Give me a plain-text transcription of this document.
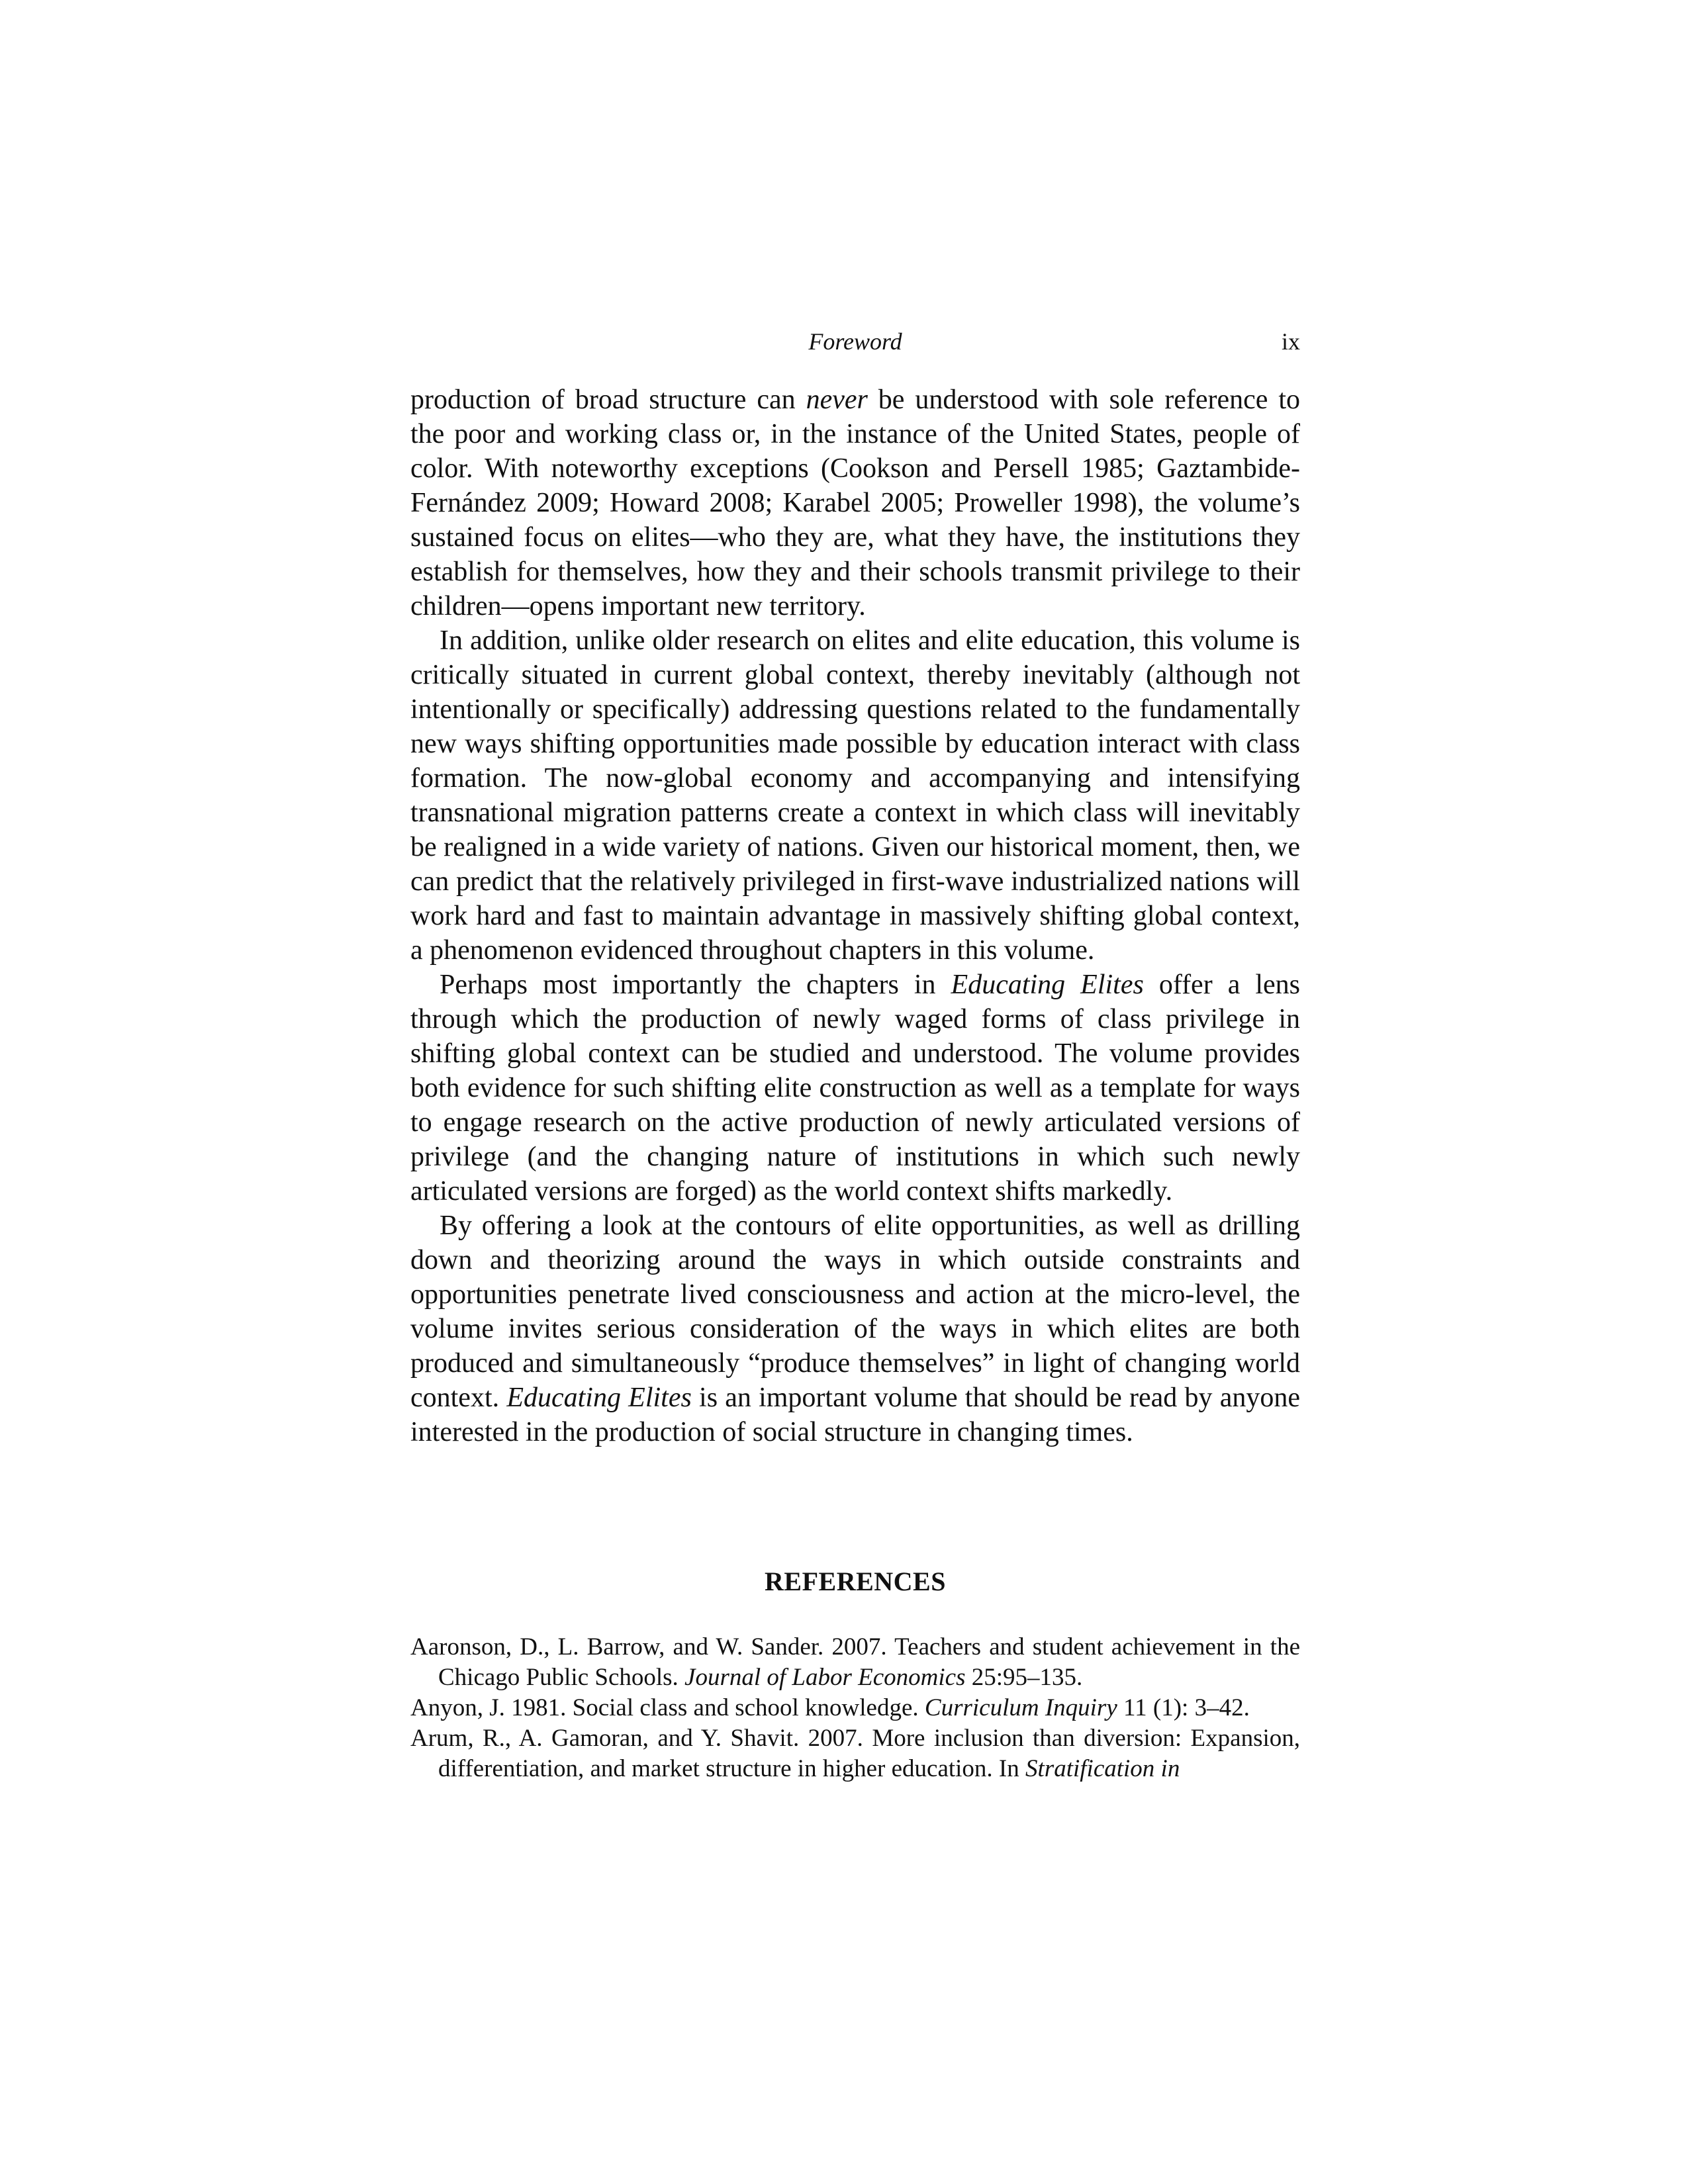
Foreword	ix

production of broad structure can never be understood with sole reference to the poor and working class or, in the instance of the United States, people of color. With noteworthy exceptions (Cookson and Persell 1985; Gaztambide-Fernández 2009; Howard 2008; Karabel 2005; Proweller 1998), the volume’s sustained focus on elites—who they are, what they have, the institutions they establish for themselves, how they and their schools transmit privilege to their children—opens important new territory.

In addition, unlike older research on elites and elite education, this volume is critically situated in current global context, thereby inevitably (although not intentionally or specifically) addressing questions related to the fundamentally new ways shifting opportunities made possible by education interact with class formation. The now-global economy and accompanying and intensifying transnational migration patterns create a context in which class will inevitably be realigned in a wide variety of nations. Given our historical moment, then, we can predict that the relatively privileged in first-wave industrialized nations will work hard and fast to maintain advantage in massively shifting global context, a phenomenon evidenced throughout chapters in this volume.

Perhaps most importantly the chapters in Educating Elites offer a lens through which the production of newly waged forms of class privilege in shifting global context can be studied and understood. The volume provides both evidence for such shifting elite construction as well as a template for ways to engage research on the active production of newly articulated versions of privilege (and the changing nature of institutions in which such newly articulated versions are forged) as the world context shifts markedly.

By offering a look at the contours of elite opportunities, as well as drilling down and theorizing around the ways in which outside constraints and opportunities penetrate lived consciousness and action at the micro-level, the volume invites serious consideration of the ways in which elites are both produced and simultaneously “produce themselves” in light of changing world context. Educating Elites is an important volume that should be read by anyone interested in the production of social structure in changing times.

REFERENCES
Aaronson, D., L. Barrow, and W. Sander. 2007. Teachers and student achievement in the Chicago Public Schools. Journal of Labor Economics 25:95–135.
Anyon, J. 1981. Social class and school knowledge. Curriculum Inquiry 11 (1): 3–42.
Arum, R., A. Gamoran, and Y. Shavit. 2007. More inclusion than diversion: Expansion, differentiation, and market structure in higher education. In Stratification in
